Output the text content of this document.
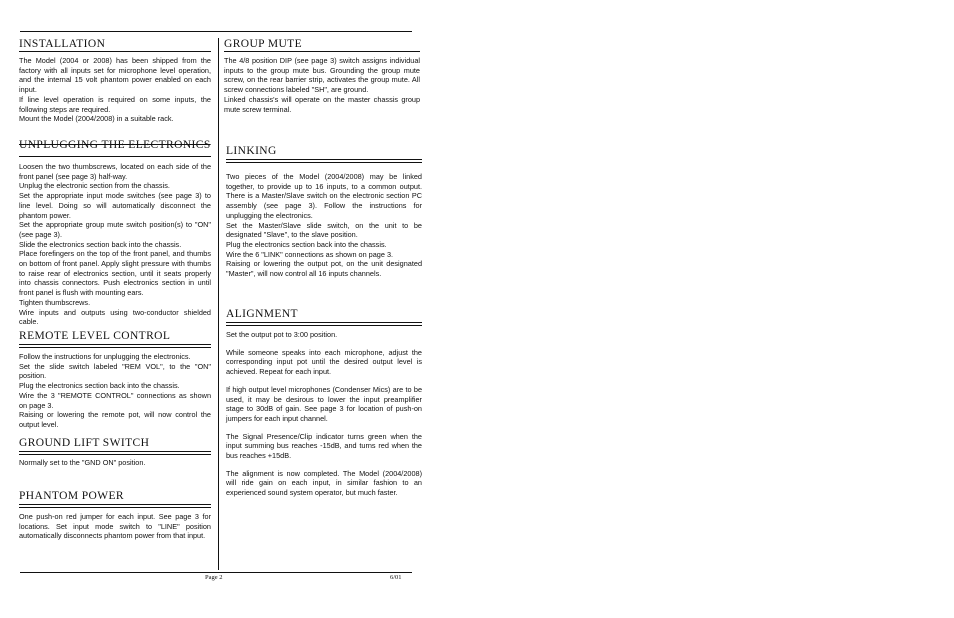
INSTALLATION

The Model (2004 or 2008) has been shipped from the factory with all inputs set for microphone level operation, and the internal 15 volt phantom power enabled on each input.

If line level operation is required on some inputs, the following steps are required.

Mount the Model (2004/2008) in a suitable rack.

UNPLUGGING THE ELECTRONICS

Loosen the two thumbscrews, located on each side of the front panel (see page 3) half-way.

Unplug the electronic section from the chassis.

Set the appropriate input mode switches (see page 3) to line level. Doing so will automatically disconnect the phantom power.

Set the appropriate group mute switch position(s) to "ON" (see page 3).

Slide the electronics section back into the chassis.

Place forefingers on the top of the front panel, and thumbs on bottom of front panel. Apply slight pressure with thumbs to raise rear of electronics section, until it seats properly into chassis connectors. Push electronics section in until front panel is flush with mounting ears.

Tighten thumbscrews.

Wire inputs and outputs using two-conductor shielded cable.

REMOTE LEVEL CONTROL

Follow the instructions for unplugging the electronics.

Set the slide switch labeled "REM VOL", to the "ON" position.

Plug the electronics section back into the chassis.

Wire the 3 "REMOTE CONTROL" connections as shown on page 3.

Raising or lowering the remote pot, will now control the output level.

GROUND LIFT SWITCH

Normally set to the "GND ON" position.

PHANTOM POWER

One push-on red jumper for each input. See page 3 for locations. Set input mode switch to "LINE" position automatically disconnects phantom power from that input.

GROUP MUTE

The 4/8 position DIP (see page 3) switch assigns individual inputs to the group mute bus. Grounding the group mute screw, on the rear barrier strip, activates the group mute. All screw connections labeled "SH", are ground.

Linked chassis's will operate on the master chassis group mute screw terminal.

LINKING

Two pieces of the Model (2004/2008) may be linked together, to provide up to 16 inputs, to a common output. There is a Master/Slave switch on the electronic section PC assembly (see page 3). Follow the instructions for unplugging the electronics.

Set the Master/Slave slide switch, on the unit to be designated "Slave", to the slave position.

Plug the electronics section back into the chassis.

Wire the 6 "LINK" connections as shown on page 3.

Raising or lowering the output pot, on the unit designated "Master", will now control all 16 inputs channels.

ALIGNMENT

Set the output pot to 3:00 position.

While someone speaks into each microphone, adjust the corresponding input pot until the desired output level is achieved. Repeat for each input.

If high output level microphones (Condenser Mics) are to be used, it may be desirous to lower the input preamplifier stage to 30dB of gain. See page 3 for location of push-on jumpers for each input channel.

The Signal Presence/Clip indicator turns green when the input summing bus reaches -15dB, and turns red when the bus reaches +15dB.

The alignment is now completed. The Model (2004/2008) will ride gain on each input, in similar fashion to an experienced sound system operator, but much faster.

Page 2	6/01
